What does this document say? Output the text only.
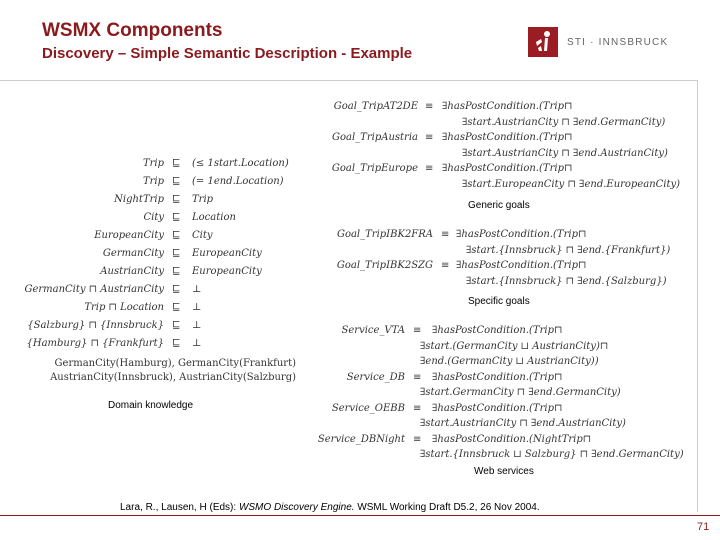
WSMX Components
Discovery – Simple Semantic Description - Example
STI · INNSBRUCK
Trip ⊑ (≤ 1start.Location)
Trip ⊑ (= 1end.Location)
NightTrip ⊑ Trip
City ⊑ Location
EuropeanCity ⊑ City
GermanCity ⊑ EuropeanCity
AustrianCity ⊑ EuropeanCity
GermanCity ⊓ AustrianCity ⊑ ⊥
Trip ⊓ Location ⊑ ⊥
{Salzburg} ⊓ {Innsbruck} ⊑ ⊥
{Hamburg} ⊓ {Frankfurt} ⊑ ⊥
GermanCity(Hamburg), GermanCity(Frankfurt)
AustrianCity(Innsbruck), AustrianCity(Salzburg)
Domain knowledge
Goal_TripAT2DE ≡ ∃hasPostCondition.(Trip⊓
∃start.AustrianCity ⊓ ∃end.GermanCity)
Goal_TripAustria ≡ ∃hasPostCondition.(Trip⊓
∃start.AustrianCity ⊓ ∃end.AustrianCity)
Goal_TripEurope ≡ ∃hasPostCondition.(Trip⊓
∃start.EuropeanCity ⊓ ∃end.EuropeanCity)
Generic goals
Goal_TripIBK2FRA ≡ ∃hasPostCondition.(Trip⊓
∃start.{Innsbruck} ⊓ ∃end.{Frankfurt})
Goal_TripIBK2SZG ≡ ∃hasPostCondition.(Trip⊓
∃start.{Innsbruck} ⊓ ∃end.{Salzburg})
Specific goals
Service_VTA ≡ ∃hasPostCondition.(Trip⊓
∃start.(GermanCity ⊔ AustrianCity)⊓
∃end.(GermanCity ⊔ AustrianCity))
Service_DB ≡ ∃hasPostCondition.(Trip⊓
∃start.GermanCity ⊓ ∃end.GermanCity)
Service_OEBB ≡ ∃hasPostCondition.(Trip⊓
∃start.AustrianCity ⊓ ∃end.AustrianCity)
Service_DBNight ≡ ∃hasPostCondition.(NightTrip⊓
∃start.{Innsbruck ⊔ Salzburg} ⊓ ∃end.GermanCity)
Web services
Lara, R., Lausen, H (Eds): WSMO Discovery Engine. WSML Working Draft D5.2, 26 Nov 2004.
71
